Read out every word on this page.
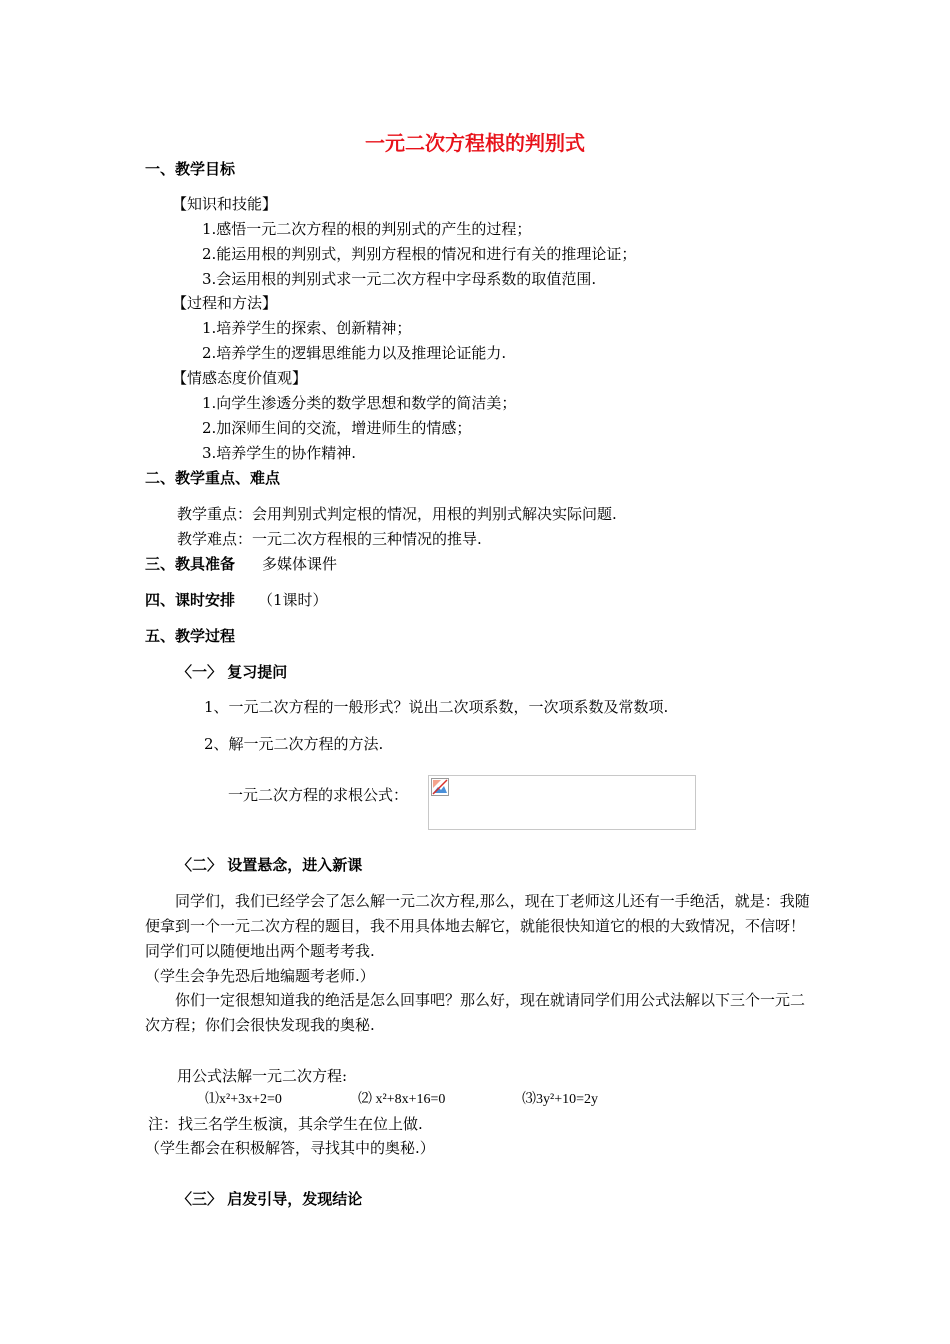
一元二次方程根的判别式
一、教学目标
【知识和技能】
1.感悟一元二次方程的根的判别式的产生的过程；
2.能运用根的判别式，判别方程根的情况和进行有关的推理论证；
3.会运用根的判别式求一元二次方程中字母系数的取值范围.
【过程和方法】
1.培养学生的探索、创新精神；
2.培养学生的逻辑思维能力以及推理论证能力.
【情感态度价值观】
1.向学生渗透分类的数学思想和数学的简洁美；
2.加深师生间的交流，增进师生的情感；
3.培养学生的协作精神.
二、教学重点、难点
教学重点：会用判别式判定根的情况，用根的判别式解决实际问题.
教学难点：一元二次方程根的三种情况的推导.
三、教具准备 多媒体课件
四、课时安排 （1课时）
五、教学过程
〈一〉 复习提问
1、一元二次方程的一般形式？说出二次项系数，一次项系数及常数项.
2、解一元二次方程的方法.
一元二次方程的求根公式：
〈二〉 设置悬念，进入新课
同学们，我们已经学会了怎么解一元二次方程,那么，现在丁老师这儿还有一手绝活，就是：我随便拿到一个一元二次方程的题目，我不用具体地去解它，就能很快知道它的根的大致情况，不信呀！同学们可以随便地出两个题考考我.
（学生会争先恐后地编题考老师.）
你们一定很想知道我的绝活是怎么回事吧？那么好，现在就请同学们用公式法解以下三个一元二次方程；你们会很快发现我的奥秘.
用公式法解一元二次方程:
⑴x²+3x+2=0	⑵ x²+8x+16=0	⑶3y²+10=2y
注：找三名学生板演，其余学生在位上做.
（学生都会在积极解答，寻找其中的奥秘.）
〈三〉 启发引导，发现结论
